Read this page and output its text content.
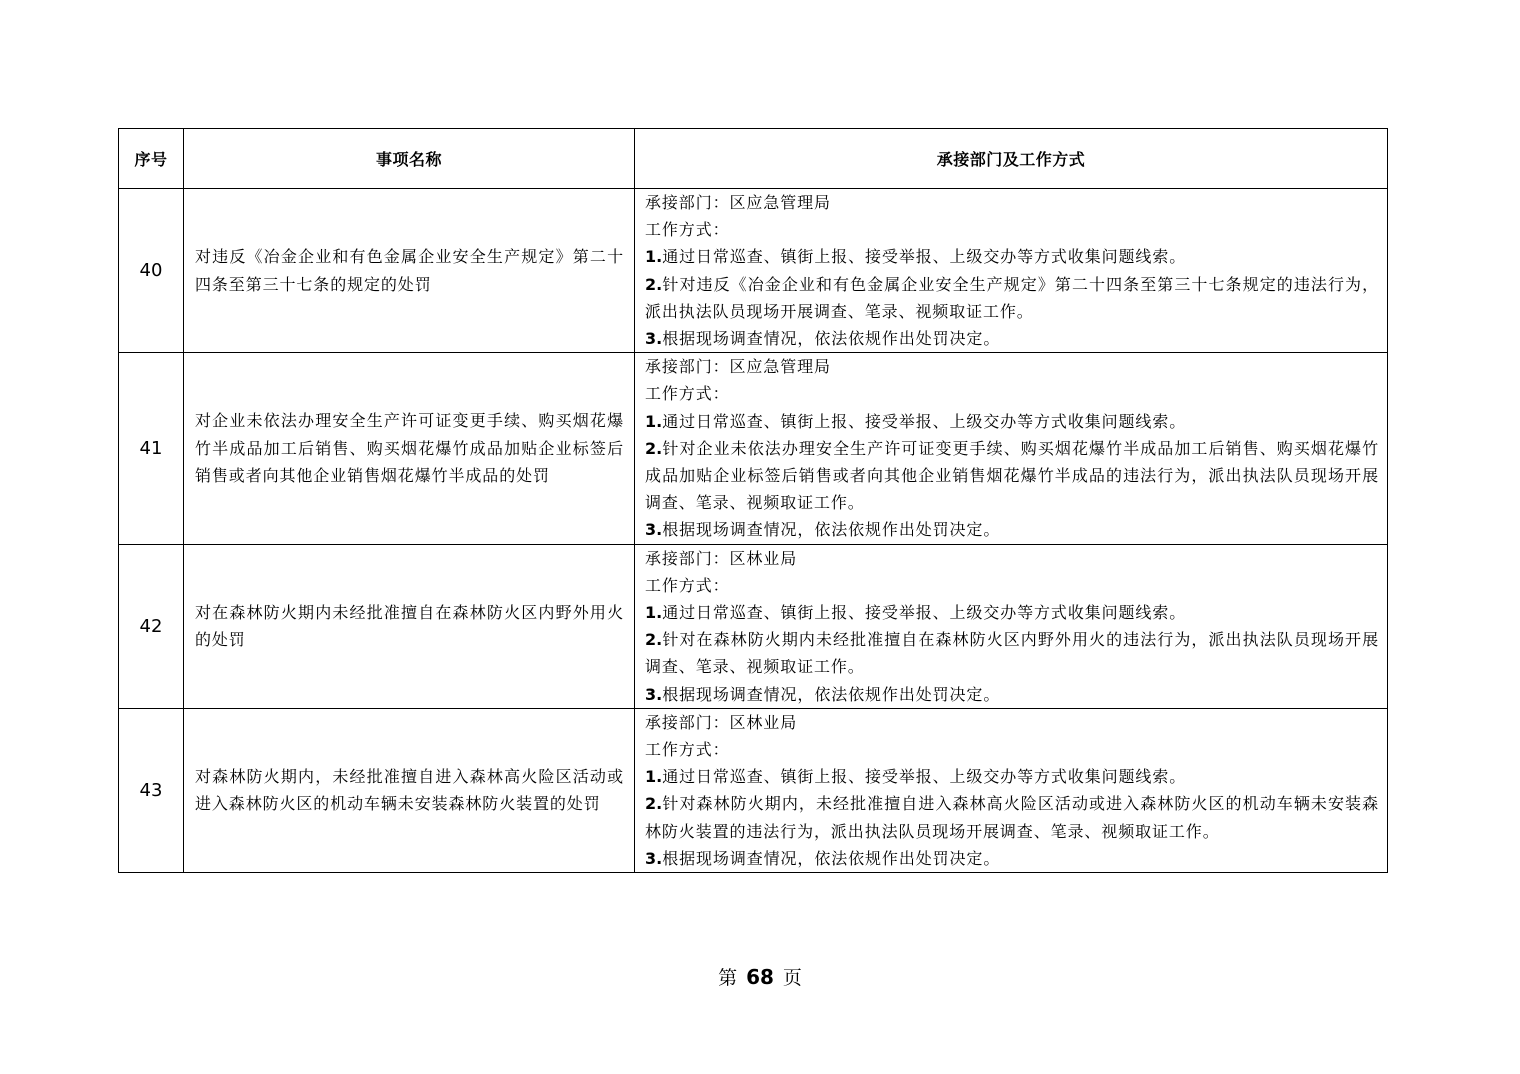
序号	事项名称	承接部门及工作方式
40	对违反《冶金企业和有色金属企业安全生产规定》第二十四条至第三十七条的规定的处罚	承接部门：区应急管理局
工作方式：
1.通过日常巡查、镇街上报、接受举报、上级交办等方式收集问题线索。
2.针对违反《冶金企业和有色金属企业安全生产规定》第二十四条至第三十七条规定的违法行为，派出执法队员现场开展调查、笔录、视频取证工作。
3.根据现场调查情况，依法依规作出处罚决定。

41	对企业未依法办理安全生产许可证变更手续、购买烟花爆竹半成品加工后销售、购买烟花爆竹成品加贴企业标签后销售或者向其他企业销售烟花爆竹半成品的处罚	承接部门：区应急管理局
工作方式：
1.通过日常巡查、镇街上报、接受举报、上级交办等方式收集问题线索。
2.针对企业未依法办理安全生产许可证变更手续、购买烟花爆竹半成品加工后销售、购买烟花爆竹成品加贴企业标签后销售或者向其他企业销售烟花爆竹半成品的违法行为，派出执法队员现场开展调查、笔录、视频取证工作。
3.根据现场调查情况，依法依规作出处罚决定。

42	对在森林防火期内未经批准擅自在森林防火区内野外用火的处罚	承接部门：区林业局
工作方式：
1.通过日常巡查、镇街上报、接受举报、上级交办等方式收集问题线索。
2.针对在森林防火期内未经批准擅自在森林防火区内野外用火的违法行为，派出执法队员现场开展调查、笔录、视频取证工作。
3.根据现场调查情况，依法依规作出处罚决定。

43	对森林防火期内，未经批准擅自进入森林高火险区活动或进入森林防火区的机动车辆未安装森林防火装置的处罚	承接部门：区林业局
工作方式：
1.通过日常巡查、镇街上报、接受举报、上级交办等方式收集问题线索。
2.针对森林防火期内，未经批准擅自进入森林高火险区活动或进入森林防火区的机动车辆未安装森林防火装置的违法行为，派出执法队员现场开展调查、笔录、视频取证工作。
3.根据现场调查情况，依法依规作出处罚决定。
第 68 页
